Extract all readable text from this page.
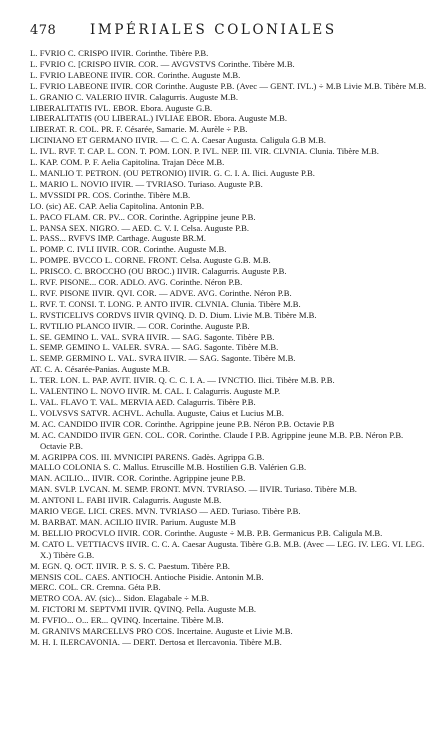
478	IMPÉRIALES COLONIALES
L. FVRIO C. CRISPO IIVIR. Corinthe. Tibère P.B.
L. FVRIO C. [CRISPO IIVIR. COR. — AVGVSTVS Corinthe. Tibère M.B.
L. FVRIO LABEONE IIVIR. COR. Corinthe. Auguste M.B.
L. FVRIO LABEONE IIVIR. COR Corinthe. Auguste P.B. (Avec — GENT. IVL.) ÷ M.B Livie M.B. Tibère M.B.
L. GRANIO C. VALERIO IIVIR. Calagurris. Auguste M.B.
LIBERALITATIS IVL. EBOR. Ebora. Auguste G.B.
LIBERALITATIS (OU LIBERAL.) IVLIAE EBOR. Ebora. Auguste M.B.
LIBERAT. R. COL. PR. F. Césarée, Samarie. M. Aurèle ÷ P.B.
LICINIANO ET GERMANO IIVIR. — C. C. A. Caesar Augusta. Caligula G.B M.B.
L. IVL. RVF. T. CAP. L. CON. T. POM. LON. P. IVL. NEP. III. VIR. CLVNIA. Clunia. Tibère M.B.
L. KAP. COM. P. F. Aelia Capitolina. Trajan Dèce M.B.
L. MANLIO T. PETRON. (OU PETRONIO) IIVIR. G. C. I. A. Ilici. Auguste P.B.
L. MARIO L. NOVIO IIVIR. — TVRIASO. Turiaso. Auguste P.B.
L. MVSSIDI PR. COS. Corinthe. Tibère M.B.
LO. (sic) AE. CAP. Aelia Capitolina. Antonin P.B.
L. PACO FLAM. CR. PV... COR. Corinthe. Agrippine jeune P.B.
L. PANSA SEX. NIGRO. — AED. C. V. I. Celsa. Auguste P.B.
L. PASS... RVFVS IMP. Carthage. Auguste BR.M.
L. POMP. C. IVLI IIVIR. COR. Corinthe. Auguste M.B.
L. POMPE. BVCCO L. CORNE. FRONT. Celsa. Auguste G.B. M.B.
L. PRISCO. C. BROCCHO (OU BROC.) IIVIR. Calagurris. Auguste P.B.
L. RVF. PISONE... COR. ADLO. AVG. Corinthe. Néron P.B.
L. RVF. PISONE IIVIR. QVI. COR. — ADVE. AVG. Corinthe. Néron P.B.
L. RVF. T. CONSI. T. LONG. P. ANTO IIVIR. CLVNIA. Clunia. Tibère M.B.
L. RVSTICELIVS CORDVS IIVIR QVINQ. D. D. Dium. Livie M.B. Tibère M.B.
L. RVTILIO PLANCO IIVIR. — COR. Corinthe. Auguste P.B.
L. SE. GEMINO L. VAL. SVRA IIVIR. — SAG. Sagonte. Tibère P.B.
L. SEMP. GEMINO L. VALER. SVRA. — SAG. Sagonte. Tibère M.B.
L. SEMP. GERMINO L. VAL. SVRA IIVIR. — SAG. Sagonte. Tibère M.B.
AT. C. A. Césarée-Panias. Auguste M.B.
L. TER. LON. L. PAP. AVIT. IIVIR. Q. C. C. I. A. — IVNCTIO. Ilici. Tibère M.B. P.B.
L. VALENTINO L. NOVO IIVIR. M. CAL. I. Calagurris. Auguste M.P.
L. VAL. FLAVO T. VAL. MERVIA AED. Calagurris. Tibère P.B.
L. VOLVSVS SATVR. ACHVL. Achulla. Auguste, Caius et Lucius M.B.
M. AC. CANDIDO IIVIR COR. Corinthe. Agrippine jeune P.B. Néron P.B. Octavie P.B
M. AC. CANDIDO IIVIR GEN. COL. COR. Corinthe. Claude I P.B. Agrippine jeune M.B. P.B. Néron P.B. Octavie P.B.
M. AGRIPPA COS. III. MVNICIPI PARENS. Gadès. Agrippa G.B.
MALLO COLONIA S. C. Mallus. Etruscille M.B. Hostilien G.B. Valérien G.B.
MAN. ACILIO... IIVIR. COR. Corinthe. Agrippine jeune P.B.
MAN. SVLP. LVCAN. M. SEMP. FRONT. MVN. TVRIASO. — IIVIR. Turiaso. Tibère M.B.
M. ANTONI L. FABI IIVIR. Calagurris. Auguste M.B.
MARIO VEGE. LICI. CRES. MVN. TVRIASO — AED. Turiaso. Tibère P.B.
M. BARBAT. MAN. ACILIO IIVIR. Parium. Auguste M.B
M. BELLIO PROCVLO IIVIR. COR. Corinthe. Auguste ÷ M.B. P.B. Germanicus P.B. Caligula M.B.
M. CATO L. VETTIACVS IIVIR. C. C. A. Caesar Augusta. Tibère G.B. M.B. (Avec — LEG. IV. LEG. VI. LEG. X.) Tibère G.B.
M. EGN. Q. OCT. IIVIR. P. S. S. C. Paestum. Tibère P.B.
MENSIS COL. CAES. ANTIOCH. Antioche Pisidie. Antonin M.B.
MERC. COL. CR. Cremna. Géta P.B.
METRO COA. AV. (sic)... Sidon. Elagabale ÷ M.B.
M. FICTORI M. SEPTVMI IIVIR. QVINQ. Pella. Auguste M.B.
M. FVFIO... O... ER... QVINQ. Incertaine. Tibère M.B.
M. GRANIVS MARCELLVS PRO COS. Incertaine. Auguste et Livie M.B.
M. H. I. ILERCAVONIA. — DERT. Dertosa et Ilercavonia. Tibère M.B.
